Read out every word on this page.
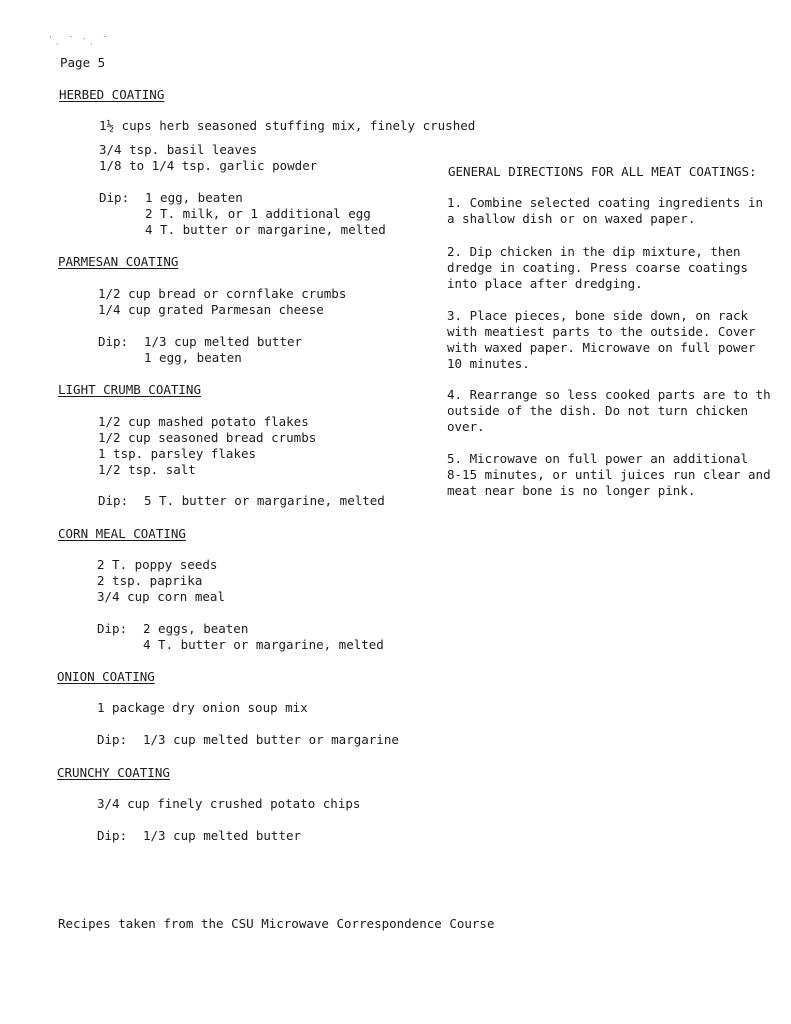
'ˏ ˉ ˑˎ ˉ
Page 5
HERBED COATING
1½ cups herb seasoned stuffing mix, finely crushed
3/4 tsp. basil leaves
1/8 to 1/4 tsp. garlic powder
Dip: 1 egg, beaten
2 T. milk, or 1 additional egg
4 T. butter or margarine, melted
PARMESAN COATING
1/2 cup bread or cornflake crumbs
1/4 cup grated Parmesan cheese
Dip: 1/3 cup melted butter
1 egg, beaten
LIGHT CRUMB COATING
1/2 cup mashed potato flakes
1/2 cup seasoned bread crumbs
1 tsp. parsley flakes
1/2 tsp. salt
Dip: 5 T. butter or margarine, melted
CORN MEAL COATING
2 T. poppy seeds
2 tsp. paprika
3/4 cup corn meal
Dip: 2 eggs, beaten
4 T. butter or margarine, melted
ONION COATING
1 package dry onion soup mix
Dip: 1/3 cup melted butter or margarine
CRUNCHY COATING
3/4 cup finely crushed potato chips
Dip: 1/3 cup melted butter
GENERAL DIRECTIONS FOR ALL MEAT COATINGS:
1. Combine selected coating ingredients in
a shallow dish or on waxed paper.
2. Dip chicken in the dip mixture, then
dredge in coating. Press coarse coatings
into place after dredging.
3. Place pieces, bone side down, on rack
with meatiest parts to the outside. Cover
with waxed paper. Microwave on full power
10 minutes.
4. Rearrange so less cooked parts are to th
outside of the dish. Do not turn chicken
over.
5. Microwave on full power an additional
8-15 minutes, or until juices run clear and
meat near bone is no longer pink.
Recipes taken from the CSU Microwave Correspondence Course
